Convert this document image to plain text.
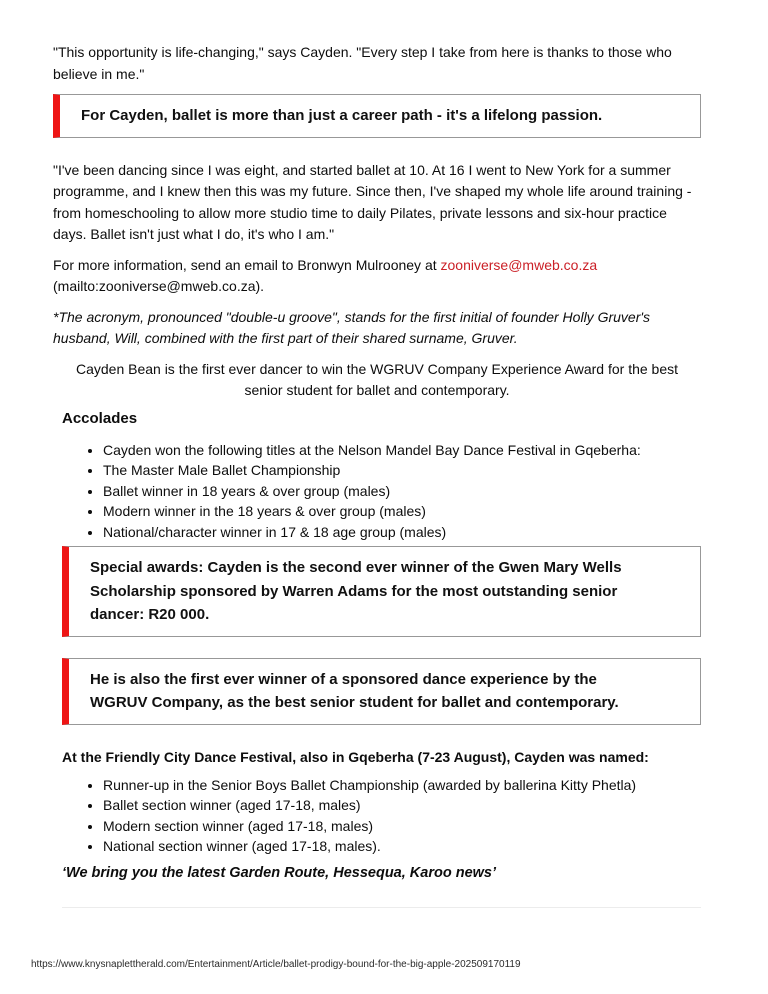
"This opportunity is life-changing," says Cayden. "Every step I take from here is thanks to those who believe in me."

For Cayden, ballet is more than just a career path - it's a lifelong passion.

"I've been dancing since I was eight, and started ballet at 10. At 16 I went to New York for a summer programme, and I knew then this was my future. Since then, I've shaped my whole life around training - from homeschooling to allow more studio time to daily Pilates, private lessons and six-hour practice days. Ballet isn't just what I do, it's who I am."

For more information, send an email to Bronwyn Mulrooney at zooniverse@mweb.co.za (mailto:zooniverse@mweb.co.za).

*The acronym, pronounced "double-u groove", stands for the first initial of founder Holly Gruver's husband, Will, combined with the first part of their shared surname, Gruver.

Cayden Bean is the first ever dancer to win the WGRUV Company Experience Award for the best senior student for ballet and contemporary.

Accolades

• Cayden won the following titles at the Nelson Mandel Bay Dance Festival in Gqeberha:
• The Master Male Ballet Championship
• Ballet winner in 18 years & over group (males)
• Modern winner in the 18 years & over group (males)
• National/character winner in 17 & 18 age group (males)

Special awards: Cayden is the second ever winner of the Gwen Mary Wells Scholarship sponsored by Warren Adams for the most outstanding senior dancer: R20 000.

He is also the first ever winner of a sponsored dance experience by the WGRUV Company, as the best senior student for ballet and contemporary.

At the Friendly City Dance Festival, also in Gqeberha (7-23 August), Cayden was named:

• Runner-up in the Senior Boys Ballet Championship (awarded by ballerina Kitty Phetla)
• Ballet section winner (aged 17-18, males)
• Modern section winner (aged 17-18, males)
• National section winner (aged 17-18, males).

‘We bring you the latest Garden Route, Hessequa, Karoo news’

https://www.knysnaplettherald.com/Entertainment/Article/ballet-prodigy-bound-for-the-big-apple-202509170119
